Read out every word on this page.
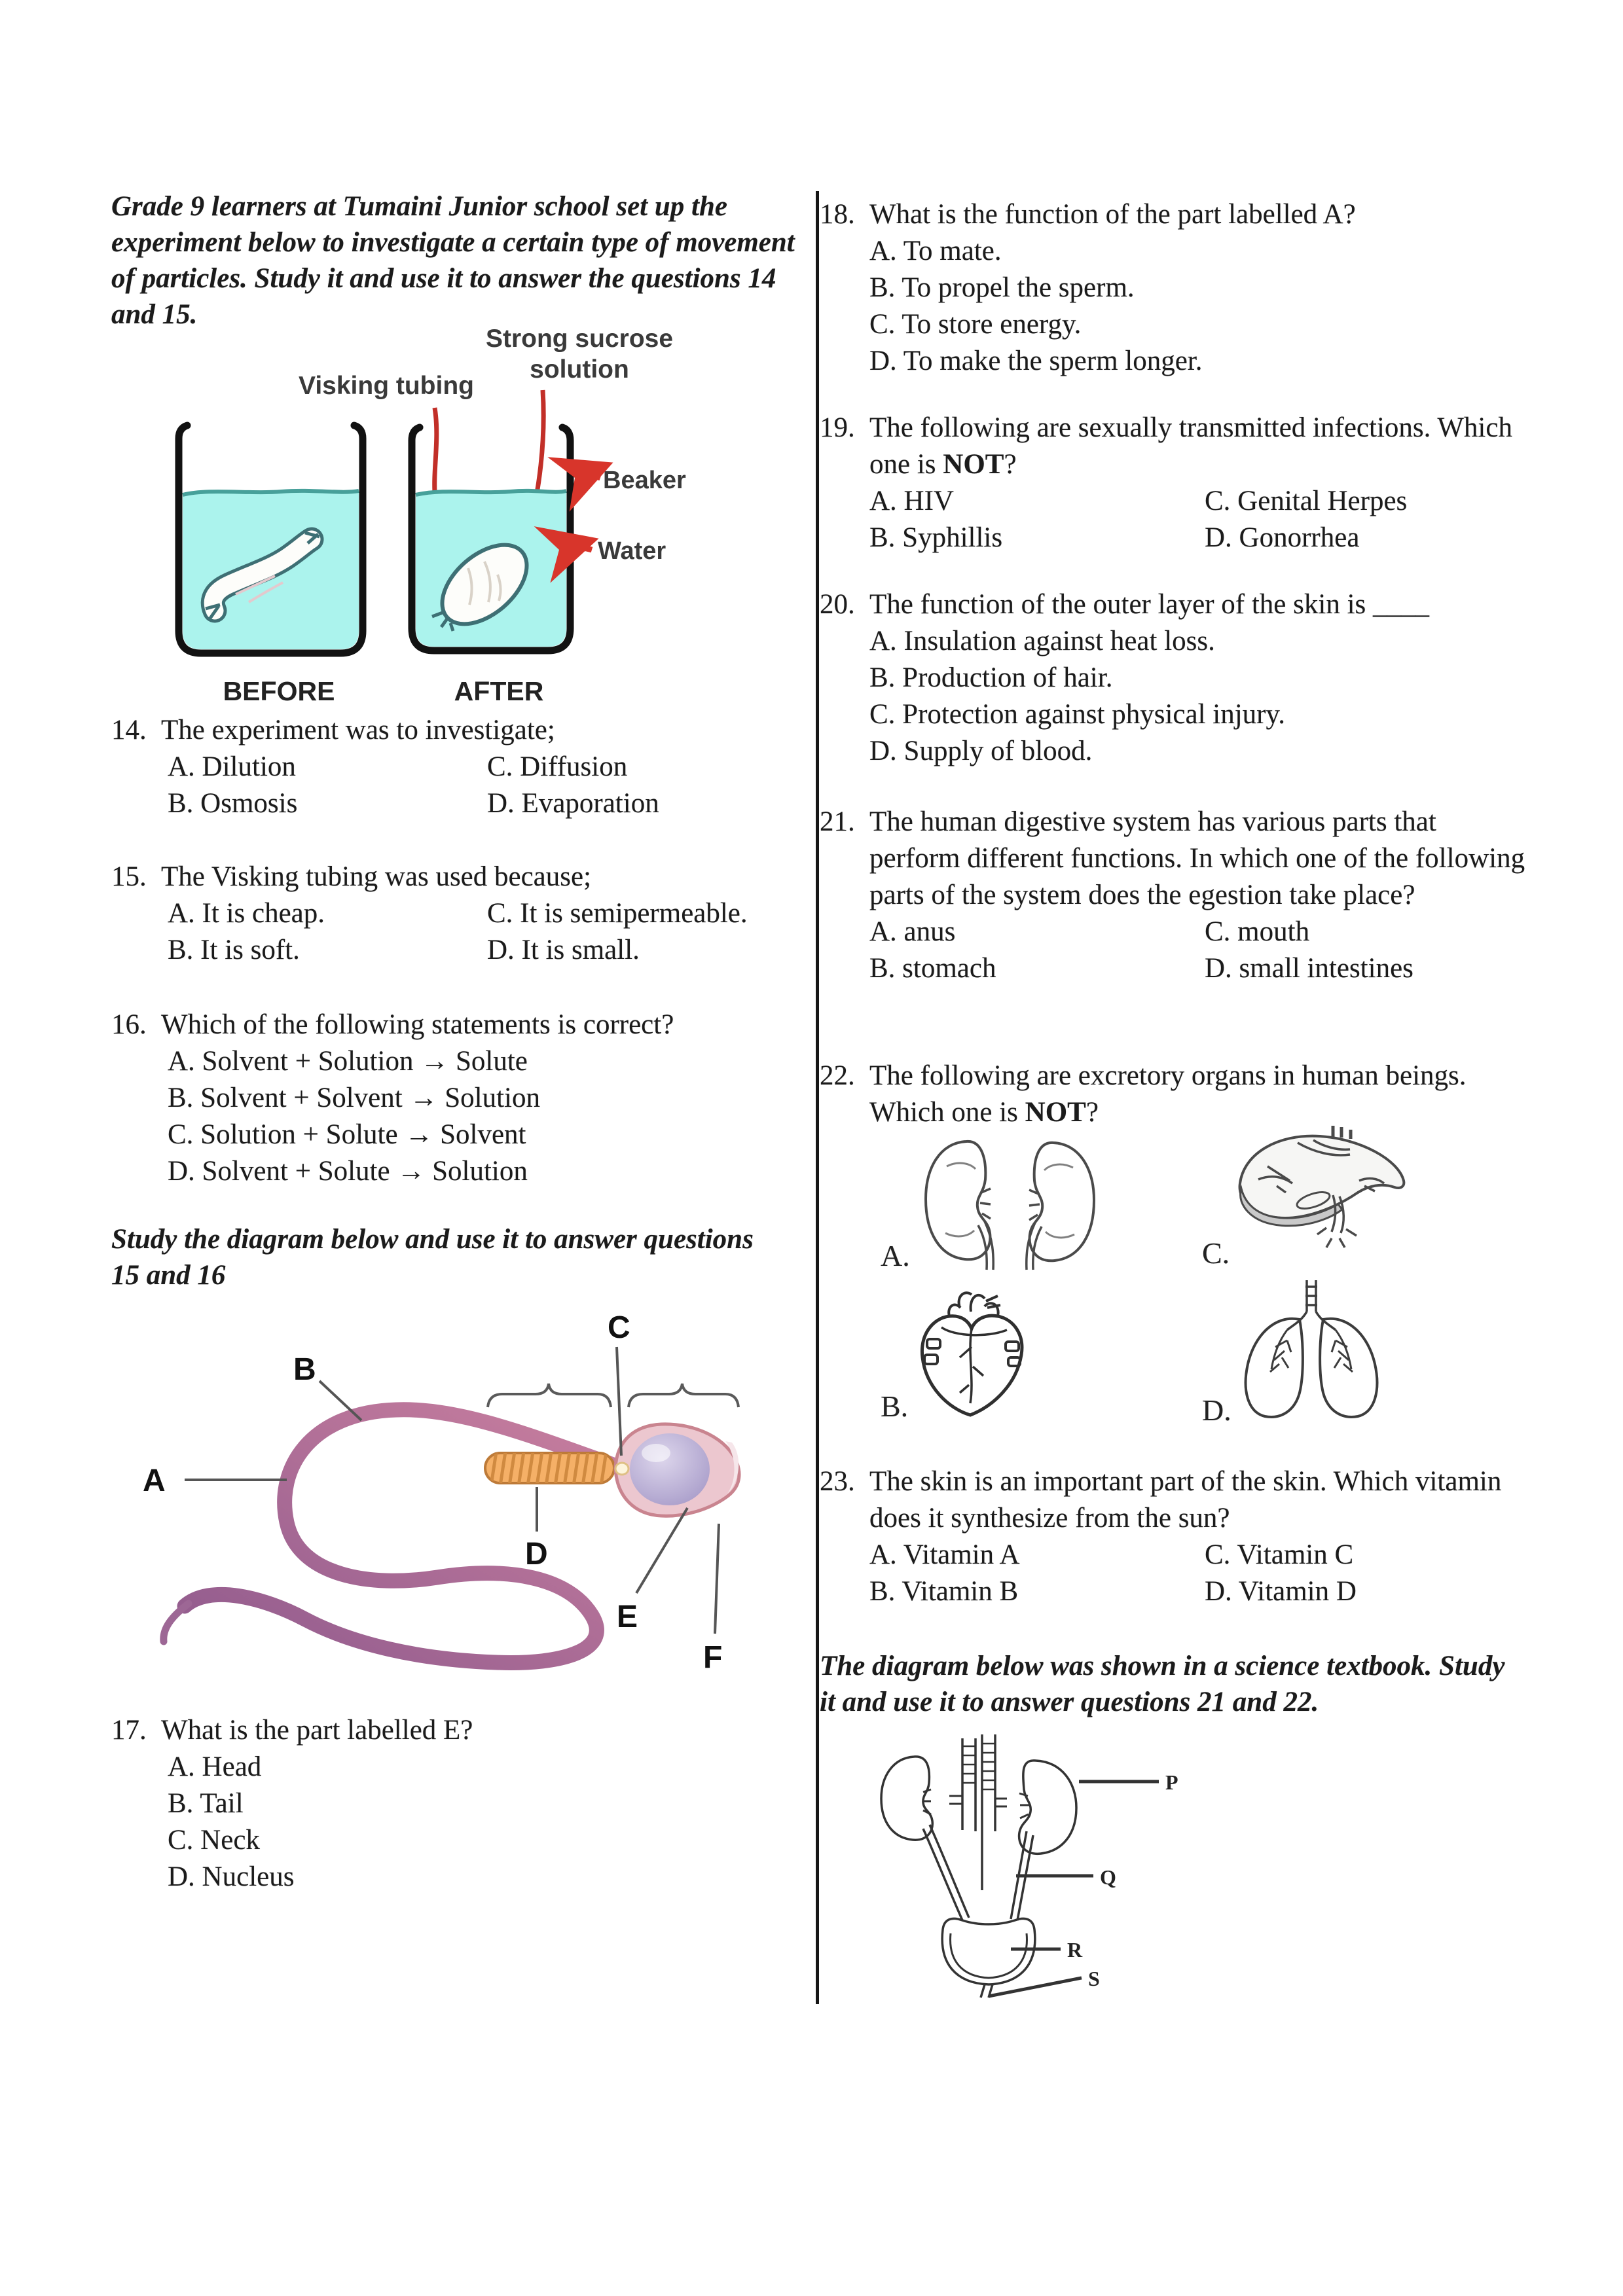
Grade 9 learners at Tumaini Junior school set up the experiment below to investigate a certain type of movement of particles. Study it and use it to answer the questions 14 and 15.
Strong sucrose
solution
Visking tubing
Beaker
Water
BEFORE	AFTER
14. The experiment was to investigate;
A. Dilution	C. Diffusion
B. Osmosis	D. Evaporation
15. The Visking tubing was used because;
A. It is cheap.	C. It is semipermeable.
B. It is soft.	D. It is small.
16. Which of the following statements is correct?
A. Solvent + Solution → Solute
B. Solvent + Solvent → Solution
C. Solution + Solute → Solvent
D. Solvent + Solute → Solution
Study the diagram below and use it to answer questions 15 and 16
C
B
A
D
E
F
17. What is the part labelled E?
A. Head
B. Tail
C. Neck
D. Nucleus
18. What is the function of the part labelled A?
A. To mate.
B. To propel the sperm.
C. To store energy.
D. To make the sperm longer.
19. The following are sexually transmitted infections. Which one is NOT?
A. HIV	C. Genital Herpes
B. Syphillis	D. Gonorrhea
20. The function of the outer layer of the skin is ____
A. Insulation against heat loss.
B. Production of hair.
C. Protection against physical injury.
D. Supply of blood.
21. The human digestive system has various parts that perform different functions. In which one of the following parts of the system does the egestion take place?
A. anus	C. mouth
B. stomach	D. small intestines
22. The following are excretory organs in human beings. Which one is NOT?
A.	C.
B.	D.
23. The skin is an important part of the skin. Which vitamin does it synthesize from the sun?
A. Vitamin A	C. Vitamin C
B. Vitamin B	D. Vitamin D
The diagram below was shown in a science textbook. Study it and use it to answer questions 21 and 22.
P
Q
R
S
